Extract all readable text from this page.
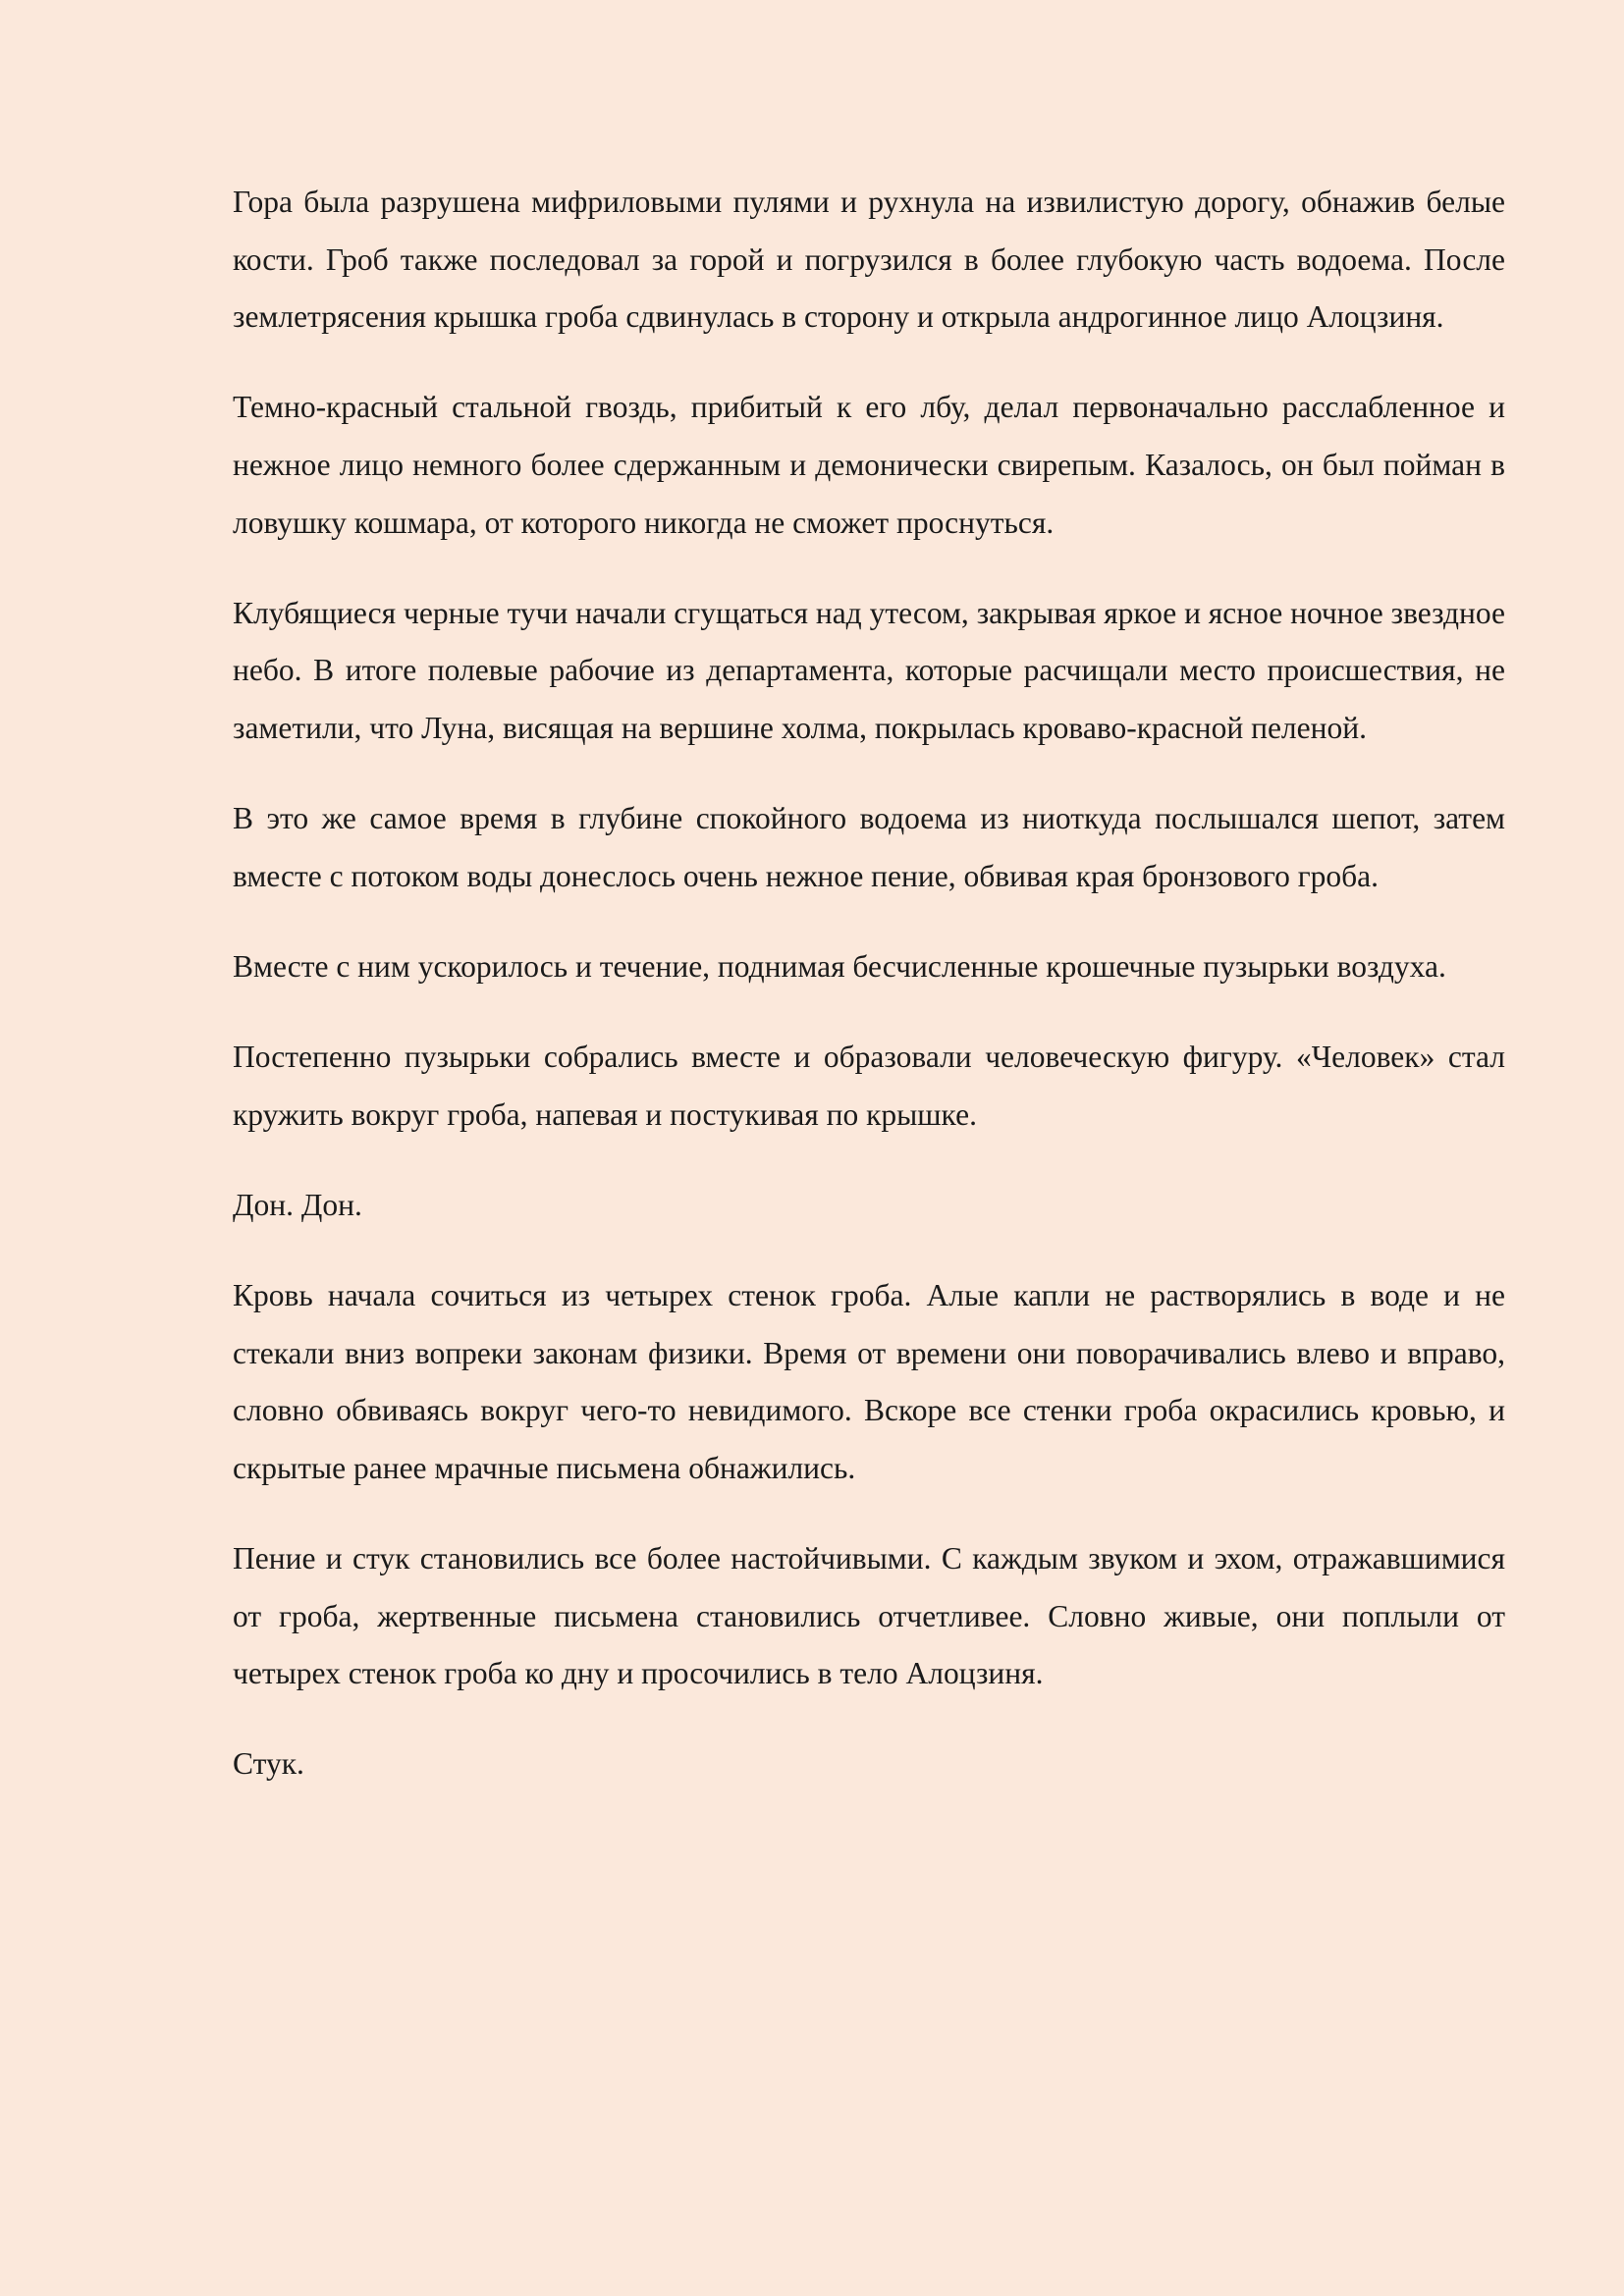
Гора была разрушена мифриловыми пулями и рухнула на извилистую дорогу, обнажив белые кости. Гроб также последовал за горой и погрузился в более глубокую часть водоема. После землетрясения крышка гроба сдвинулась в сторону и открыла андрогинное лицо Алоцзиня.

Темно-красный стальной гвоздь, прибитый к его лбу, делал первоначально расслабленное и нежное лицо немного более сдержанным и демонически свирепым. Казалось, он был пойман в ловушку кошмара, от которого никогда не сможет проснуться.

Клубящиеся черные тучи начали сгущаться над утесом, закрывая яркое и ясное ночное звездное небо. В итоге полевые рабочие из департамента, которые расчищали место происшествия, не заметили, что Луна, висящая на вершине холма, покрылась кроваво-красной пеленой.

В это же самое время в глубине спокойного водоема из ниоткуда послышался шепот, затем вместе с потоком воды донеслось очень нежное пение, обвивая края бронзового гроба.

Вместе с ним ускорилось и течение, поднимая бесчисленные крошечные пузырьки воздуха.

Постепенно пузырьки собрались вместе и образовали человеческую фигуру. «Человек» стал кружить вокруг гроба, напевая и постукивая по крышке.

Дон. Дон.

Кровь начала сочиться из четырех стенок гроба. Алые капли не растворялись в воде и не стекали вниз вопреки законам физики. Время от времени они поворачивались влево и вправо, словно обвиваясь вокруг чего-то невидимого. Вскоре все стенки гроба окрасились кровью, и скрытые ранее мрачные письмена обнажились.

Пение и стук становились все более настойчивыми. С каждым звуком и эхом, отражавшимися от гроба, жертвенные письмена становились отчетливее. Словно живые, они поплыли от четырех стенок гроба ко дну и просочились в тело Алоцзиня.

Стук.
